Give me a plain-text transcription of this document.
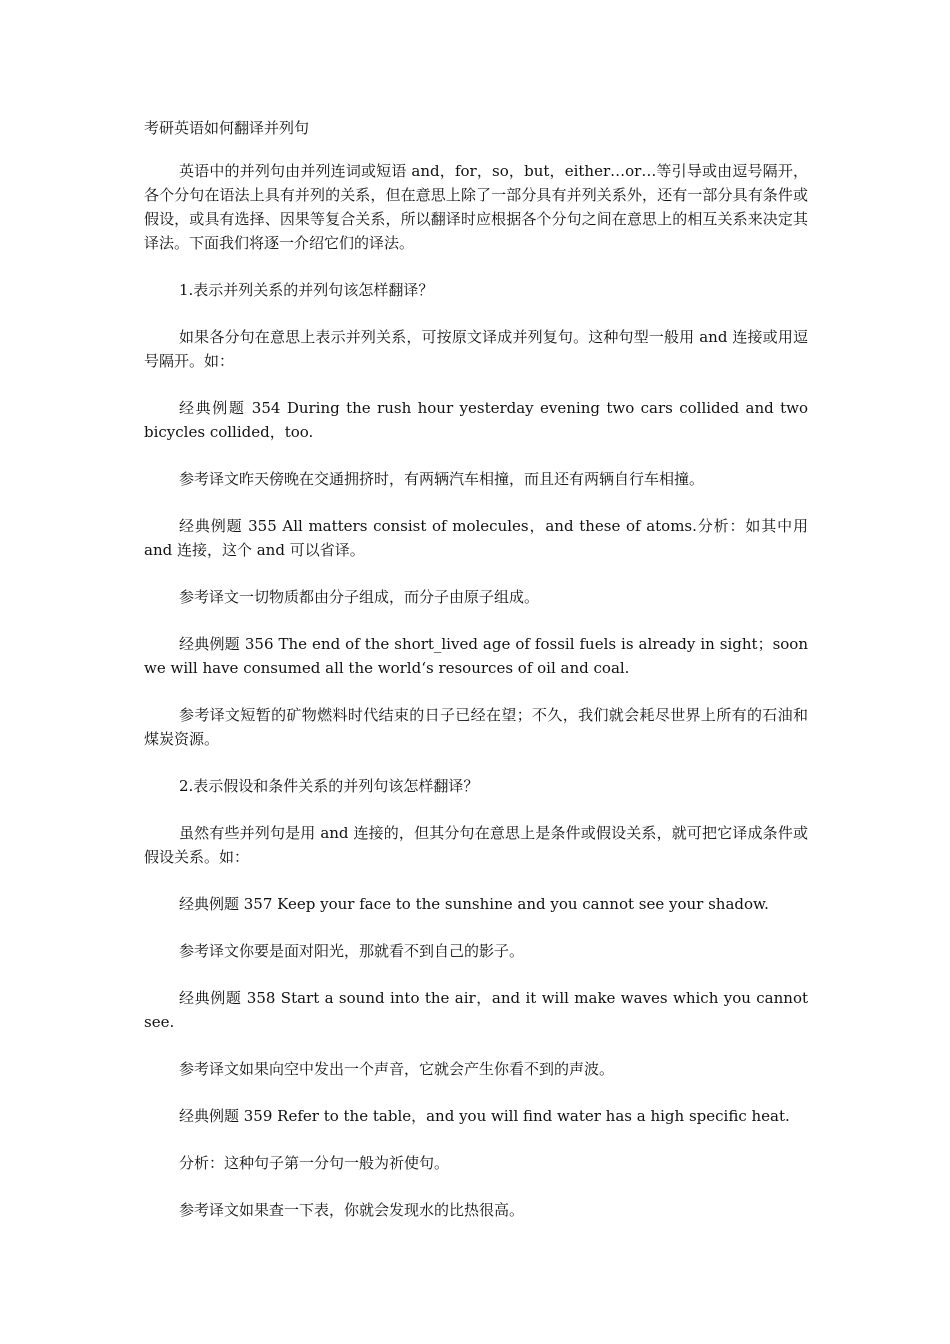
考研英语如何翻译并列句

英语中的并列句由并列连词或短语 and，for，so，but，either…or…等引导或由逗号隔开，各个分句在语法上具有并列的关系，但在意思上除了一部分具有并列关系外，还有一部分具有条件或假设，或具有选择、因果等复合关系，所以翻译时应根据各个分句之间在意思上的相互关系来决定其译法。下面我们将逐一介绍它们的译法。

1.表示并列关系的并列句该怎样翻译？

如果各分句在意思上表示并列关系，可按原文译成并列复句。这种句型一般用 and 连接或用逗号隔开。如：

经典例题 354 During the rush hour yesterday evening two cars collided and two bicycles collided，too.

参考译文昨天傍晚在交通拥挤时，有两辆汽车相撞，而且还有两辆自行车相撞。

经典例题 355 All matters consist of molecules，and these of atoms.分析：如其中用 and 连接，这个 and 可以省译。

参考译文一切物质都由分子组成，而分子由原子组成。

经典例题 356 The end of the short_lived age of fossil fuels is already in sight；soon we will have consumed all the world‘s resources of oil and coal.

参考译文短暂的矿物燃料时代结束的日子已经在望；不久，我们就会耗尽世界上所有的石油和煤炭资源。

2.表示假设和条件关系的并列句该怎样翻译？

虽然有些并列句是用 and 连接的，但其分句在意思上是条件或假设关系，就可把它译成条件或假设关系。如：

经典例题 357 Keep your face to the sunshine and you cannot see your shadow.

参考译文你要是面对阳光，那就看不到自己的影子。

经典例题 358 Start a sound into the air，and it will make waves which you cannot see.

参考译文如果向空中发出一个声音，它就会产生你看不到的声波。

经典例题 359 Refer to the table，and you will find water has a high specific heat.

分析：这种句子第一分句一般为祈使句。

参考译文如果查一下表，你就会发现水的比热很高。
